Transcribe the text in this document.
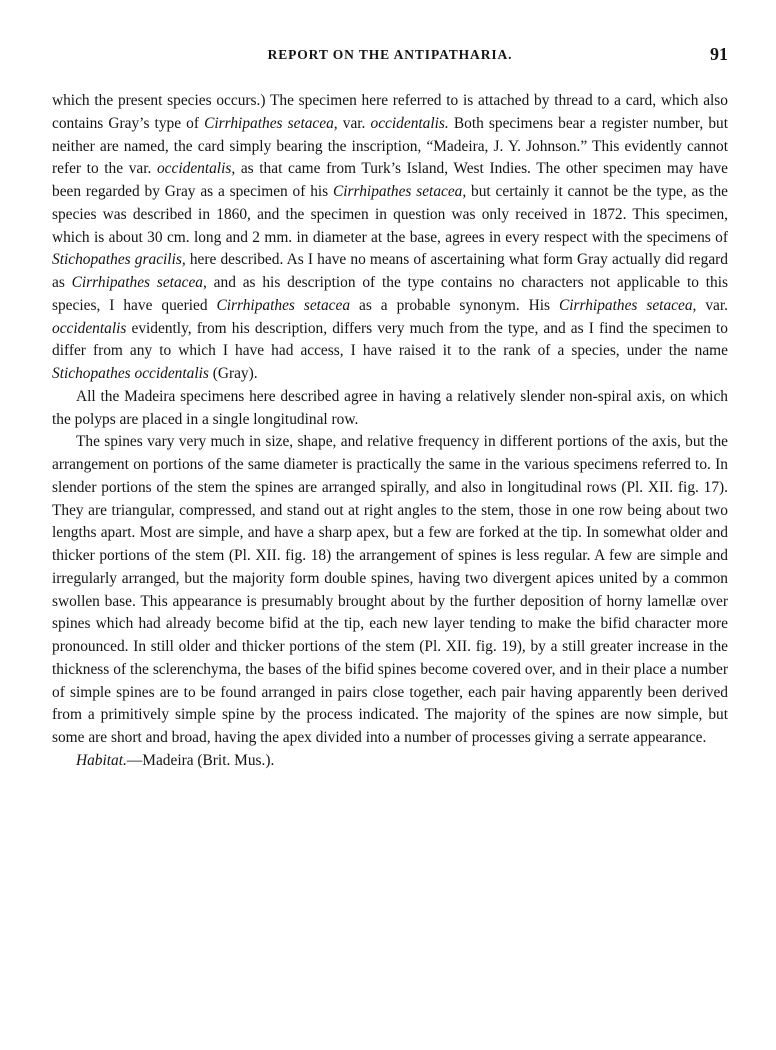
REPORT ON THE ANTIPATHARIA.	91

which the present species occurs.) The specimen here referred to is attached by thread to a card, which also contains Gray’s type of Cirrhipathes setacea, var. occidentalis. Both specimens bear a register number, but neither are named, the card simply bearing the inscription, “Madeira, J. Y. Johnson.” This evidently cannot refer to the var. occidentalis, as that came from Turk’s Island, West Indies. The other specimen may have been regarded by Gray as a specimen of his Cirrhipathes setacea, but certainly it cannot be the type, as the species was described in 1860, and the specimen in question was only received in 1872. This specimen, which is about 30 cm. long and 2 mm. in diameter at the base, agrees in every respect with the specimens of Stichopathes gracilis, here described. As I have no means of ascertaining what form Gray actually did regard as Cirrhipathes setacea, and as his description of the type contains no characters not applicable to this species, I have queried Cirrhipathes setacea as a probable synonym. His Cirrhipathes setacea, var. occidentalis evidently, from his description, differs very much from the type, and as I find the specimen to differ from any to which I have had access, I have raised it to the rank of a species, under the name Stichopathes occidentalis (Gray).

All the Madeira specimens here described agree in having a relatively slender non-spiral axis, on which the polyps are placed in a single longitudinal row.

The spines vary very much in size, shape, and relative frequency in different portions of the axis, but the arrangement on portions of the same diameter is practically the same in the various specimens referred to. In slender portions of the stem the spines are arranged spirally, and also in longitudinal rows (Pl. XII. fig. 17). They are triangular, compressed, and stand out at right angles to the stem, those in one row being about two lengths apart. Most are simple, and have a sharp apex, but a few are forked at the tip. In somewhat older and thicker portions of the stem (Pl. XII. fig. 18) the arrangement of spines is less regular. A few are simple and irregularly arranged, but the majority form double spines, having two divergent apices united by a common swollen base. This appearance is presumably brought about by the further deposition of horny lamellæ over spines which had already become bifid at the tip, each new layer tending to make the bifid character more pronounced. In still older and thicker portions of the stem (Pl. XII. fig. 19), by a still greater increase in the thickness of the sclerenchyma, the bases of the bifid spines become covered over, and in their place a number of simple spines are to be found arranged in pairs close together, each pair having apparently been derived from a primitively simple spine by the process indicated. The majority of the spines are now simple, but some are short and broad, having the apex divided into a number of processes giving a serrate appearance.

Habitat.—Madeira (Brit. Mus.).
